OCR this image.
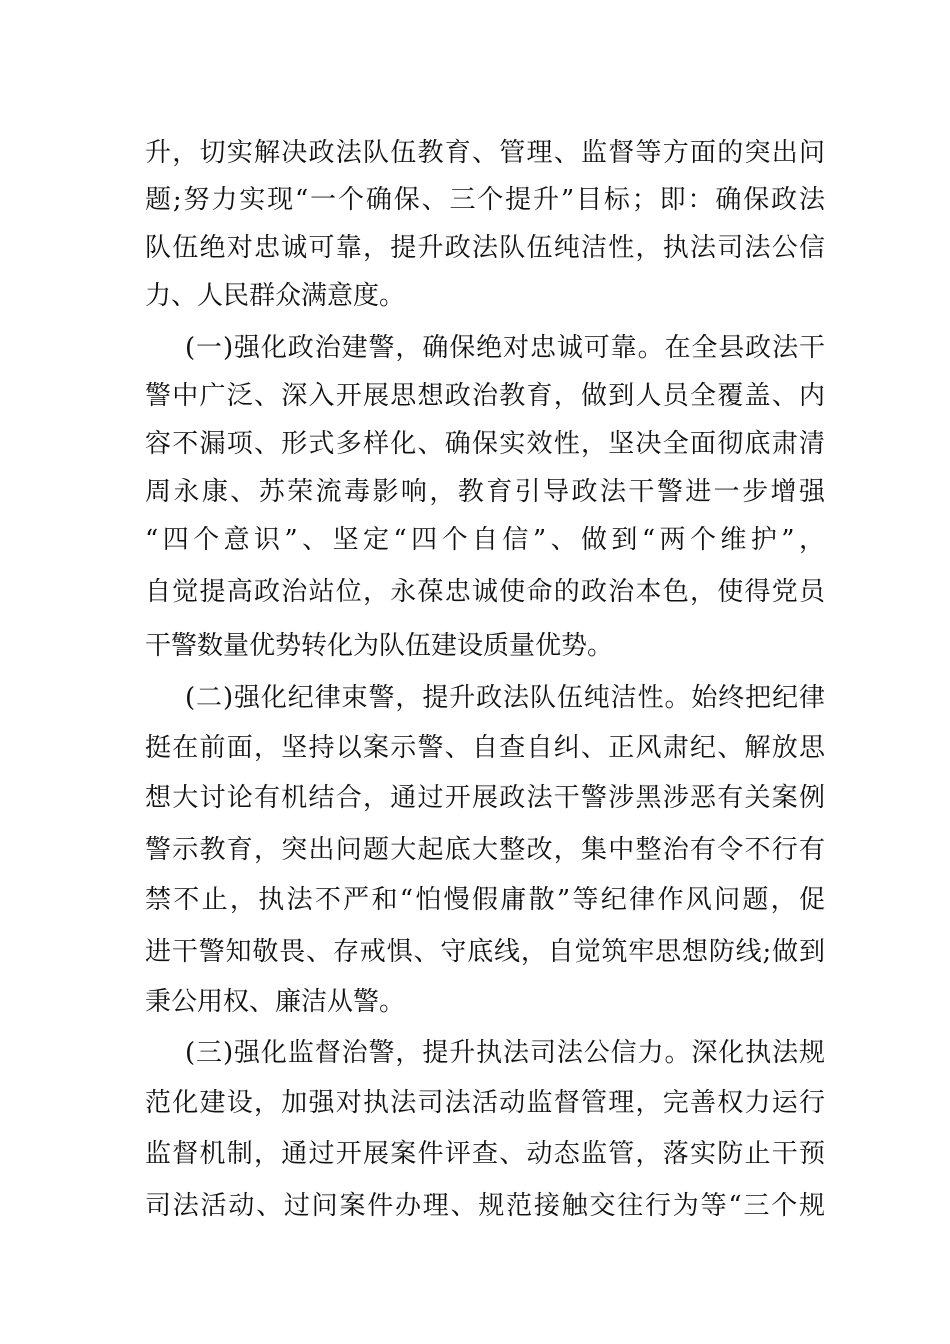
升，切实解决政法队伍教育、管理、监督等方面的突出问
题;努力实现“一个确保、三个提升”目标；即：确保政法
队伍绝对忠诚可靠，提升政法队伍纯洁性，执法司法公信
力、人民群众满意度。
(一)强化政治建警，确保绝对忠诚可靠。在全县政法干
警中广泛、深入开展思想政治教育，做到人员全覆盖、内
容不漏项、形式多样化、确保实效性，坚决全面彻底肃清
周永康、苏荣流毒影响，教育引导政法干警进一步增强
“四个意识”、坚定“四个自信”、做到“两个维护”，
自觉提高政治站位，永葆忠诚使命的政治本色，使得党员
干警数量优势转化为队伍建设质量优势。
(二)强化纪律束警，提升政法队伍纯洁性。始终把纪律
挺在前面，坚持以案示警、自查自纠、正风肃纪、解放思
想大讨论有机结合，通过开展政法干警涉黑涉恶有关案例
警示教育，突出问题大起底大整改，集中整治有令不行有
禁不止，执法不严和“怕慢假庸散”等纪律作风问题，促
进干警知敬畏、存戒惧、守底线，自觉筑牢思想防线;做到
秉公用权、廉洁从警。
(三)强化监督治警，提升执法司法公信力。深化执法规
范化建设，加强对执法司法活动监督管理，完善权力运行
监督机制，通过开展案件评查、动态监管，落实防止干预
司法活动、过问案件办理、规范接触交往行为等“三个规
